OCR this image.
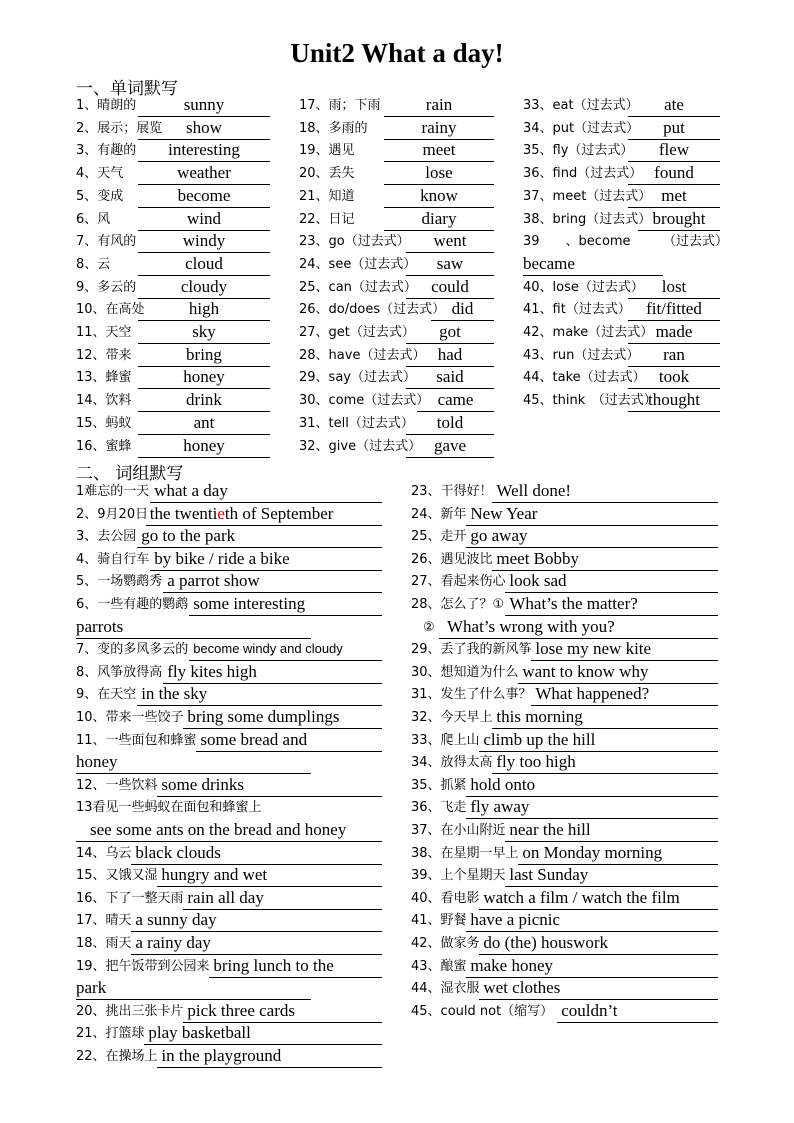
Unit2 What a day!
一、单词默写
二、 词组默写
1、晴朗的	sunny
2、展示；展览	show
3、有趣的	interesting
4、天气	weather
5、变成	become
6、风	wind
7、有风的	windy
8、云	cloud
9、多云的	cloudy
10、在高处	high
11、天空	sky
12、带来	bring
13、蜂蜜	honey
14、饮料	drink
15、蚂蚁	ant
16、蜜蜂	honey
17、雨；下雨	rain
18、多雨的	rainy
19、遇见	meet
20、丢失	lose
21、知道	know
22、日记	diary
23、go（过去式）	went
24、see（过去式）	saw
25、can（过去式） could
26、do/does（过去式） did
27、get（过去式）	got
28、have（过去式） had
29、say（过去式）	said
30、come（过去式） came
31、tell（过去式）	told
32、give（过去式） gave
33、eat（过去式）	ate
34、put（过去式）	put
35、fly（过去式）	flew
36、find（过去式） found
37、meet（过去式） met
38、bring（过去式） brought
39　　、become　　　（过去式）
became
40、lose（过去式）	lost
41、fit（过去式） fit/fitted
42、make（过去式） made
43、run（过去式）	ran
44、take（过去式） took
45、think　（过去式）
thought
1难忘的一天 what a day
2、9月20日 the twentieth of September
3、去公园 go to the park
4、骑自行车 by bike / ride a bike
5、一场鹦鹉秀 a parrot show
6、一些有趣的鹦鹉 some interesting
parrots
7、变的多风多云的 become windy and cloudy
8、风筝放得高 fly kites high
9、在天空 in the sky
10、带来一些饺子 bring some dumplings
11、一些面包和蜂蜜 some bread and
honey
12、一些饮料 some drinks
13看见一些蚂蚁在面包和蜂蜜上
see some ants on the bread and honey
14、乌云 black clouds
15、又饿又湿 hungry and wet
16、下了一整天雨 rain all day
17、晴天 a sunny day
18、雨天 a rainy day
19、把午饭带到公园来 bring lunch to the
park
20、挑出三张卡片 pick three cards
21、打篮球 play basketball
22、在操场上 in the playground
23、干得好！ Well done!
24、新年 New Year
25、走开 go away
26、遇见波比 meet Bobby
27、看起来伤心 look sad
28、怎么了？① What’s the matter?
② What’s wrong with you?
29、丢了我的新风筝 lose my new kite
30、想知道为什么 want to know why
31、发生了什么事？ What happened?
32、今天早上 this morning
33、爬上山 climb up the hill
34、放得太高 fly too high
35、抓紧 hold onto
36、飞走 fly away
37、在小山附近 near the hill
38、在星期一早上 on Monday morning
39、上个星期天 last Sunday
40、看电影 watch a film / watch the film
41、野餐 have a picnic
42、做家务 do (the) houswork
43、酿蜜 make honey
44、湿衣服 wet clothes
45、could not（缩写） couldn’t
